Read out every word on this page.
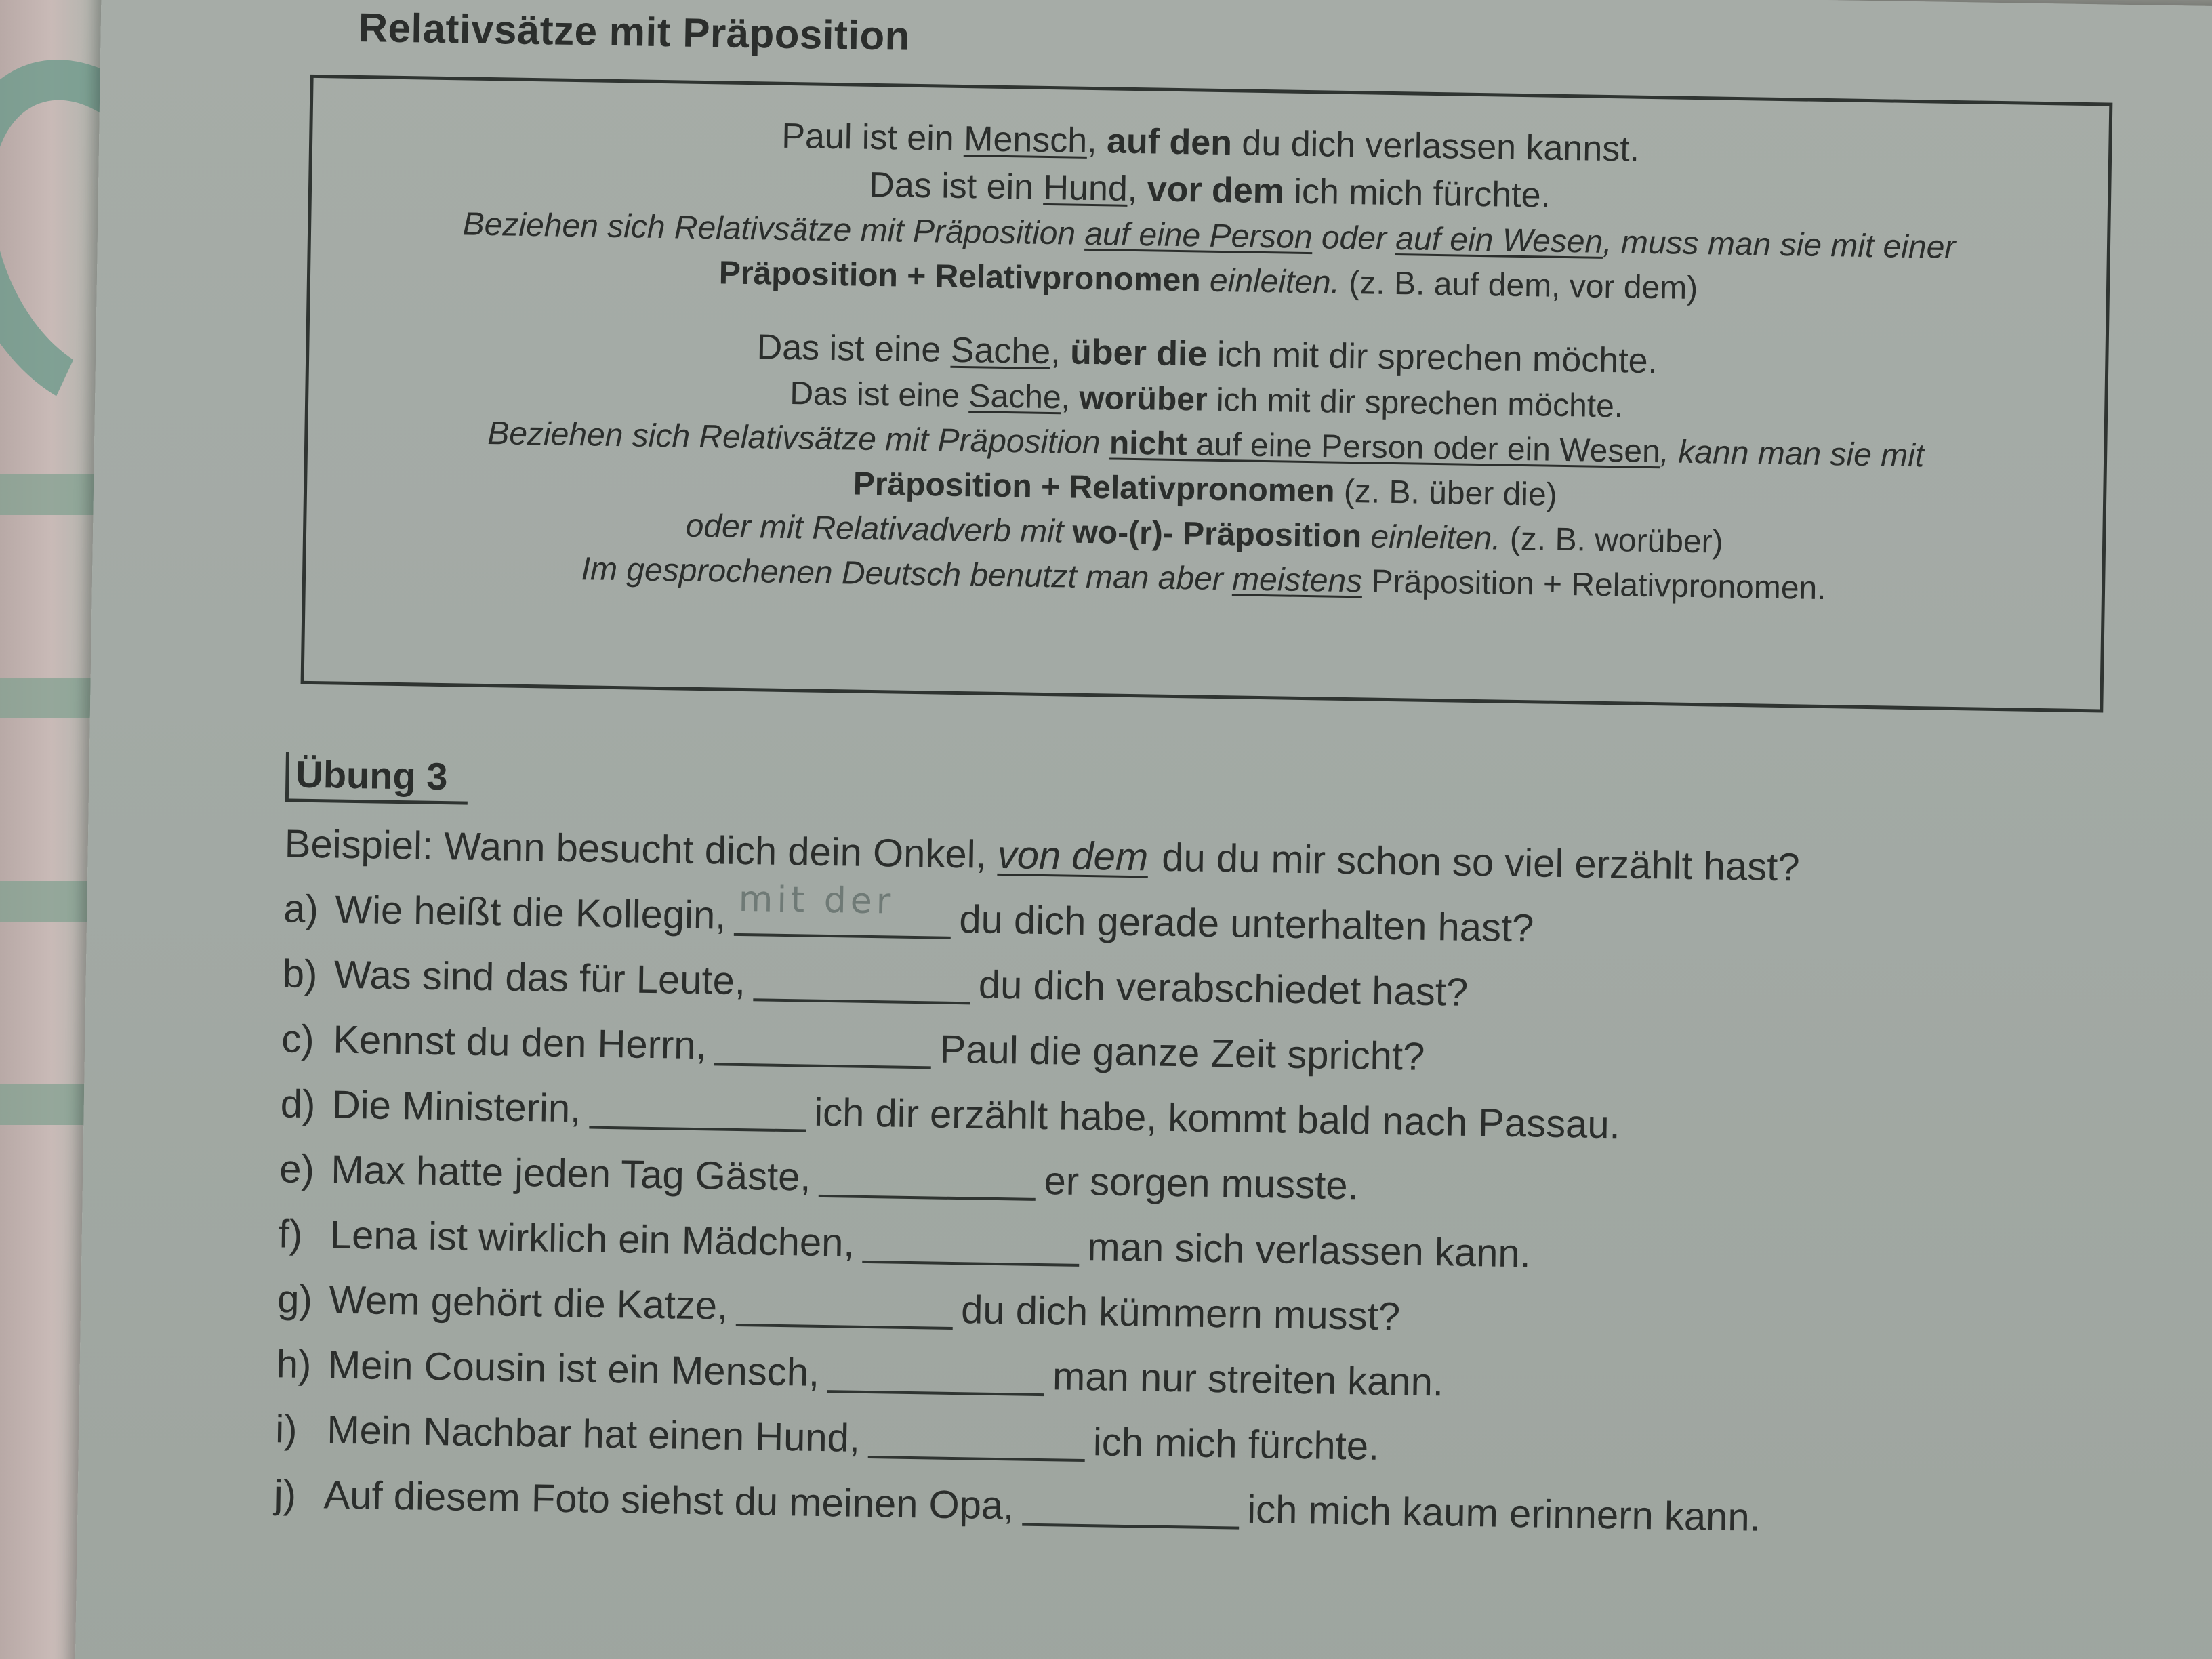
Relativsätze mit Präposition
Paul ist ein Mensch, auf den du dich verlassen kannst.
Das ist ein Hund, vor dem ich mich fürchte.
Beziehen sich Relativsätze mit Präposition auf eine Person oder auf ein Wesen, muss man sie mit einer
Präposition + Relativpronomen einleiten. (z. B. auf dem, vor dem)
Das ist eine Sache, über die ich mit dir sprechen möchte.
Das ist eine Sache, worüber ich mit dir sprechen möchte.
Beziehen sich Relativsätze mit Präposition nicht auf eine Person oder ein Wesen, kann man sie mit
Präposition + Relativpronomen (z. B. über die)
oder mit Relativadverb mit wo-(r)- Präposition einleiten. (z. B. worüber)
Im gesprochenen Deutsch benutzt man aber meistens Präposition + Relativpronomen.
Übung 3
Beispiel: Wann besucht dich dein Onkel, von dem du du mir schon so viel erzählt hast?
a) Wie heißt die Kollegin, mit der du dich gerade unterhalten hast?
b) Was sind das für Leute,	du dich verabschiedet hast?
c) Kennst du den Herrn,	Paul die ganze Zeit spricht?
d) Die Ministerin,	ich dir erzählt habe, kommt bald nach Passau.
e) Max hatte jeden Tag Gäste,	er sorgen musste.
f) Lena ist wirklich ein Mädchen,	man sich verlassen kann.
g) Wem gehört die Katze,	du dich kümmern musst?
h) Mein Cousin ist ein Mensch,	man nur streiten kann.
i) Mein Nachbar hat einen Hund,	ich mich fürchte.
j) Auf diesem Foto siehst du meinen Opa,	ich mich kaum erinnern kann.
